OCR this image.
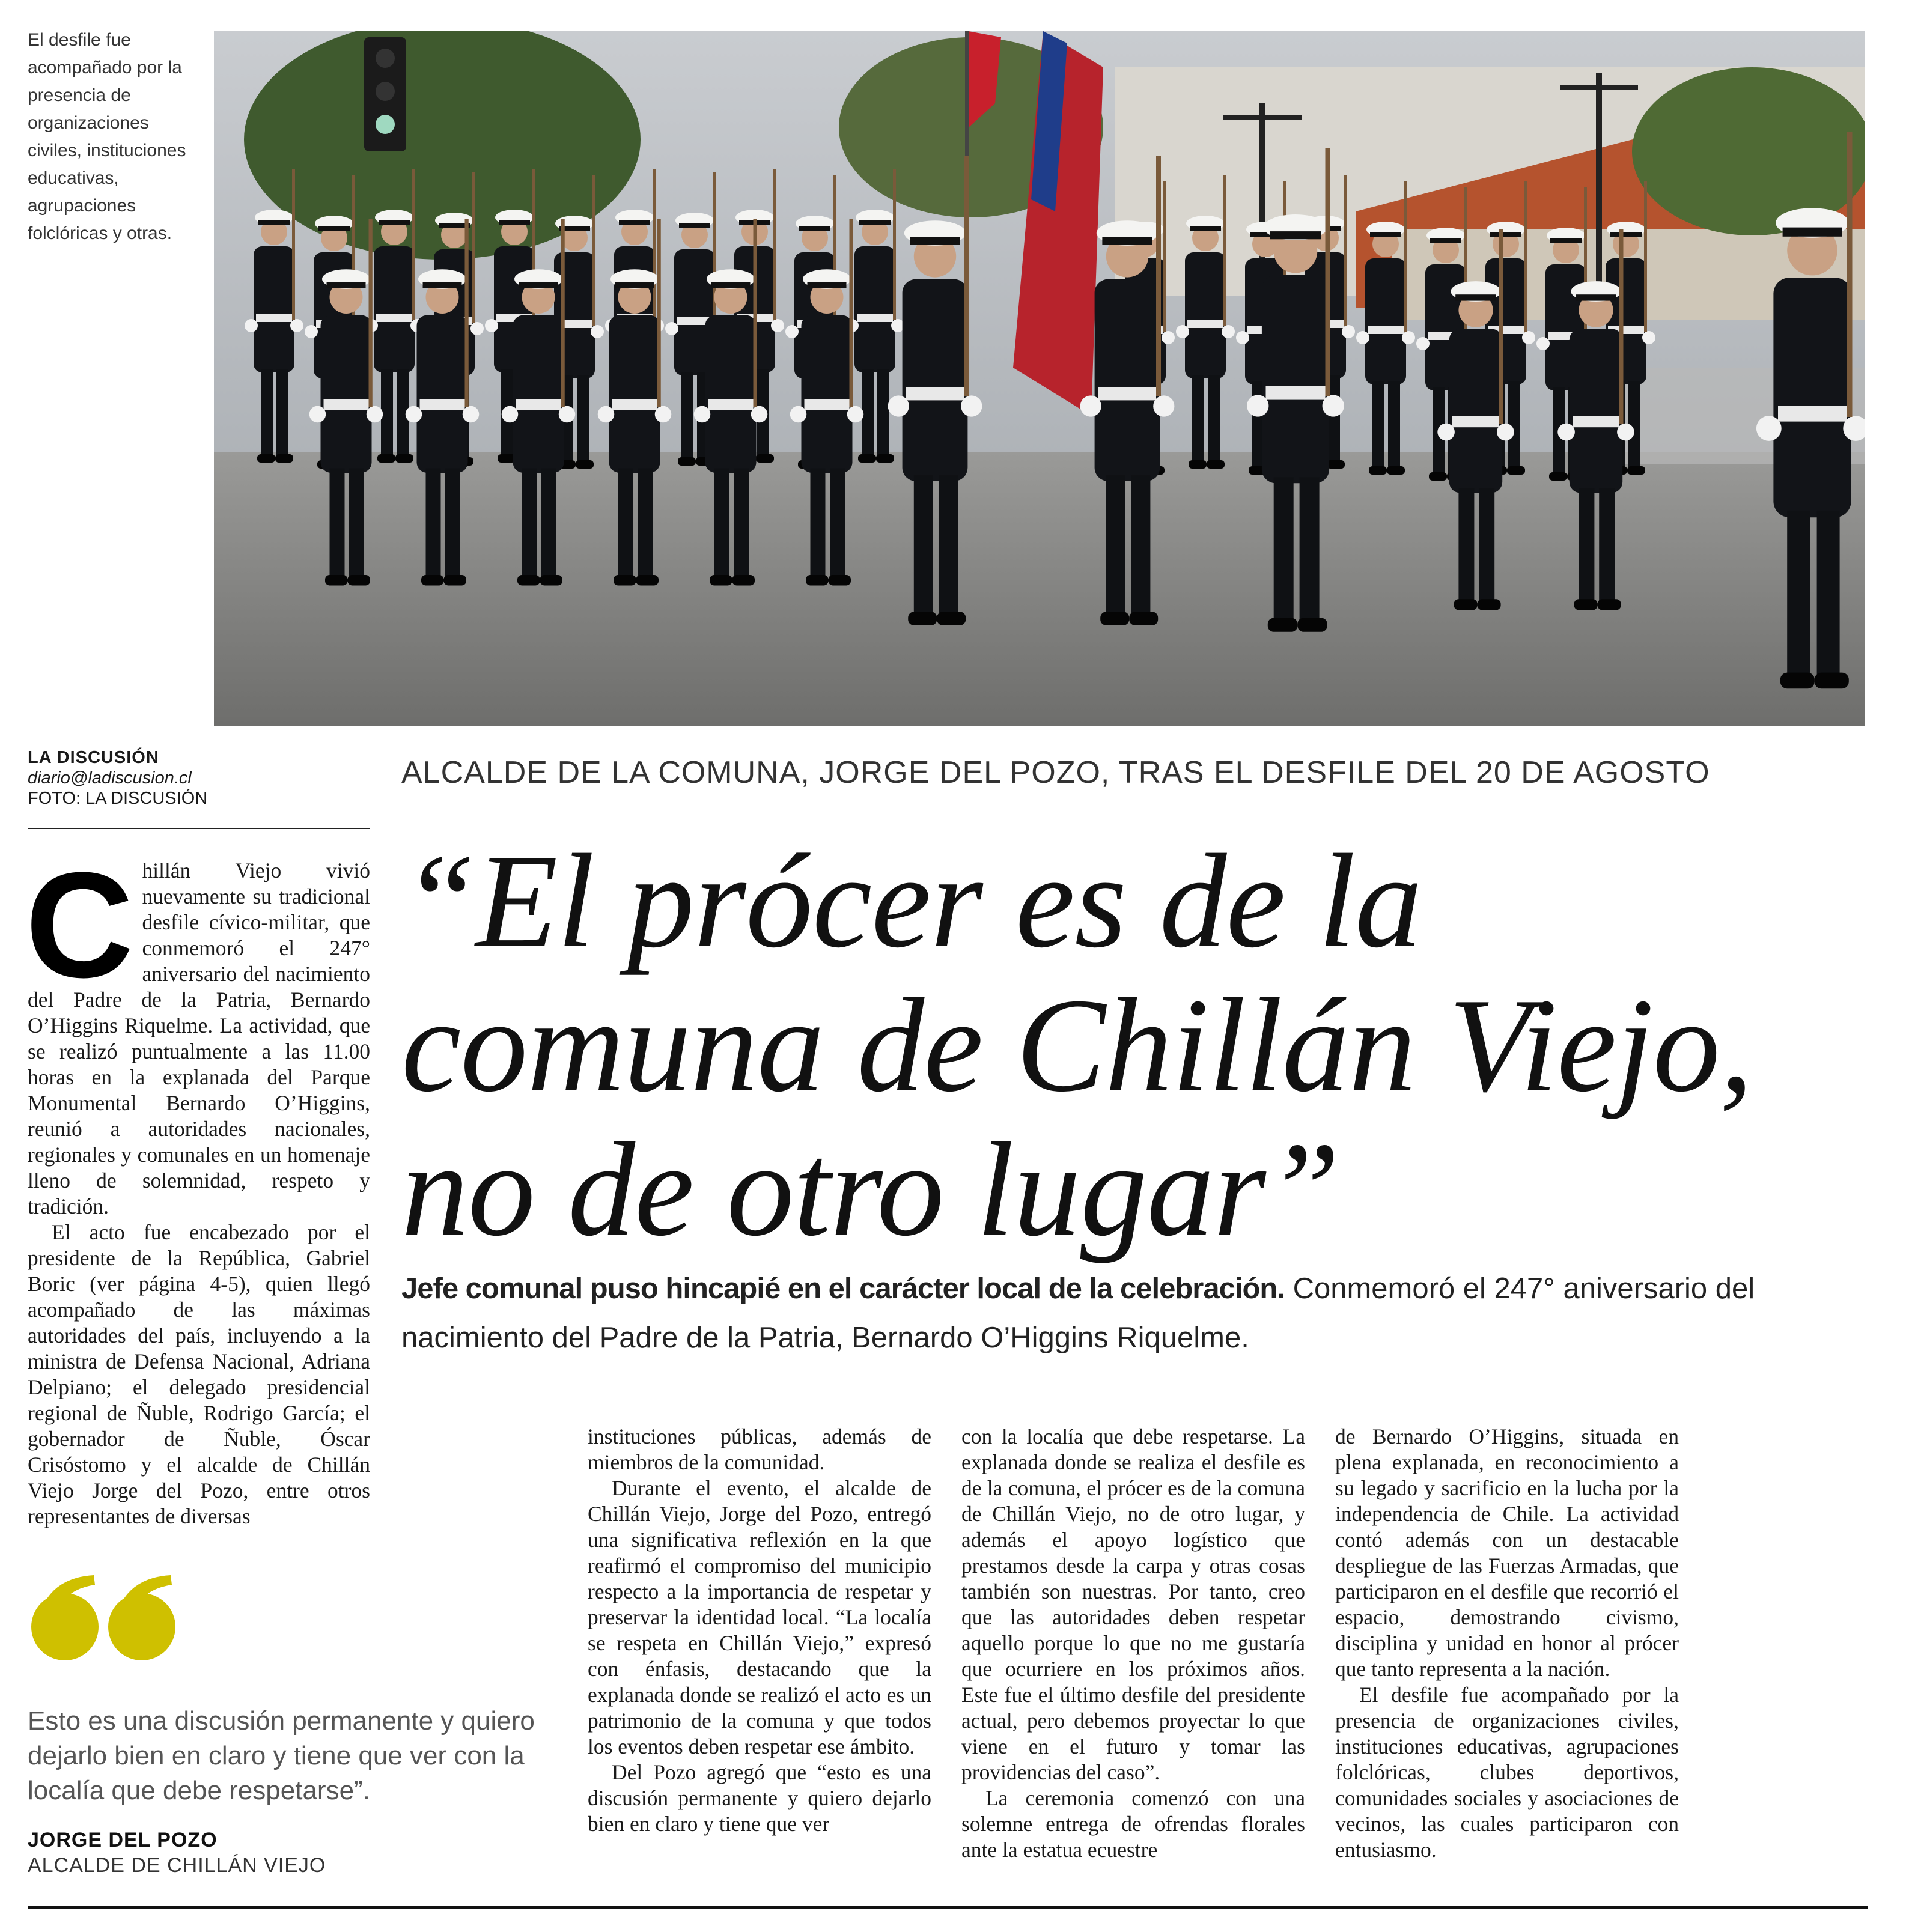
El desfile fue acompañado por la presencia de organizaciones civiles, instituciones educativas, agrupaciones folclóricas y otras.
LA DISCUSIÓN
diario@ladiscusion.cl
FOTO: LA DISCUSIÓN
ALCALDE DE LA COMUNA, JORGE DEL POZO, TRAS EL DESFILE DEL 20 DE AGOSTO
“El prócer es de la comuna de Chillán Viejo, no de otro lugar”
Jefe comunal puso hincapié en el carácter local de la celebración. Conmemoró el 247° aniversario del nacimiento del Padre de la Patria, Bernardo O’Higgins Riquelme.
C hillán Viejo vivió nuevamente su tradicional desfile cívico-militar, que conmemoró el 247° aniversario del nacimiento del Padre de la Patria, Bernardo O’Higgins Riquelme. La actividad, que se realizó puntualmente a las 11.00 horas en la explanada del Parque Monumental Bernardo O’Higgins, reunió a autoridades nacionales, regionales y comunales en un homenaje lleno de solemnidad, respeto y tradición.

El acto fue encabezado por el presidente de la República, Gabriel Boric (ver página 4-5), quien llegó acompañado de las máximas autoridades del país, incluyendo a la ministra de Defensa Nacional, Adriana Delpiano; el delegado presidencial regional de Ñuble, Rodrigo García; el gobernador de Ñuble, Óscar Crisóstomo y el alcalde de Chillán Viejo Jorge del Pozo, entre otros representantes de diversas

Esto es una discusión permanente y quiero dejarlo bien en claro y tiene que ver con la localía que debe respetarse”.
JORGE DEL POZO
ALCALDE DE CHILLÁN VIEJO

instituciones públicas, además de miembros de la comunidad.

Durante el evento, el alcalde de Chillán Viejo, Jorge del Pozo, entregó una significativa reflexión en la que reafirmó el compromiso del municipio respecto a la importancia de respetar y preservar la identidad local. “La localía se respeta en Chillán Viejo,” expresó con énfasis, destacando que la explanada donde se realizó el acto es un patrimonio de la comuna y que todos los eventos deben respetar ese ámbito.

Del Pozo agregó que “esto es una discusión permanente y quiero dejarlo bien en claro y tiene que ver

con la localía que debe respetarse. La explanada donde se realiza el desfile es de la comuna, el prócer es de la comuna de Chillán Viejo, no de otro lugar, y además el apoyo logístico que prestamos desde la carpa y otras cosas también son nuestras. Por tanto, creo que las autoridades deben respetar aquello porque lo que no me gustaría que ocurriere en los próximos años. Este fue el último desfile del presidente actual, pero debemos proyectar lo que viene en el futuro y tomar las providencias del caso”.

La ceremonia comenzó con una solemne entrega de ofrendas florales ante la estatua ecuestre

de Bernardo O’Higgins, situada en plena explanada, en reconocimiento a su legado y sacrificio en la lucha por la independencia de Chile. La actividad contó además con un destacable despliegue de las Fuerzas Armadas, que participaron en el desfile que recorrió el espacio, demostrando civismo, disciplina y unidad en honor al prócer que tanto representa a la nación.

El desfile fue acompañado por la presencia de organizaciones civiles, instituciones educativas, agrupaciones folclóricas, clubes deportivos, comunidades sociales y asociaciones de vecinos, las cuales participaron con entusiasmo.
